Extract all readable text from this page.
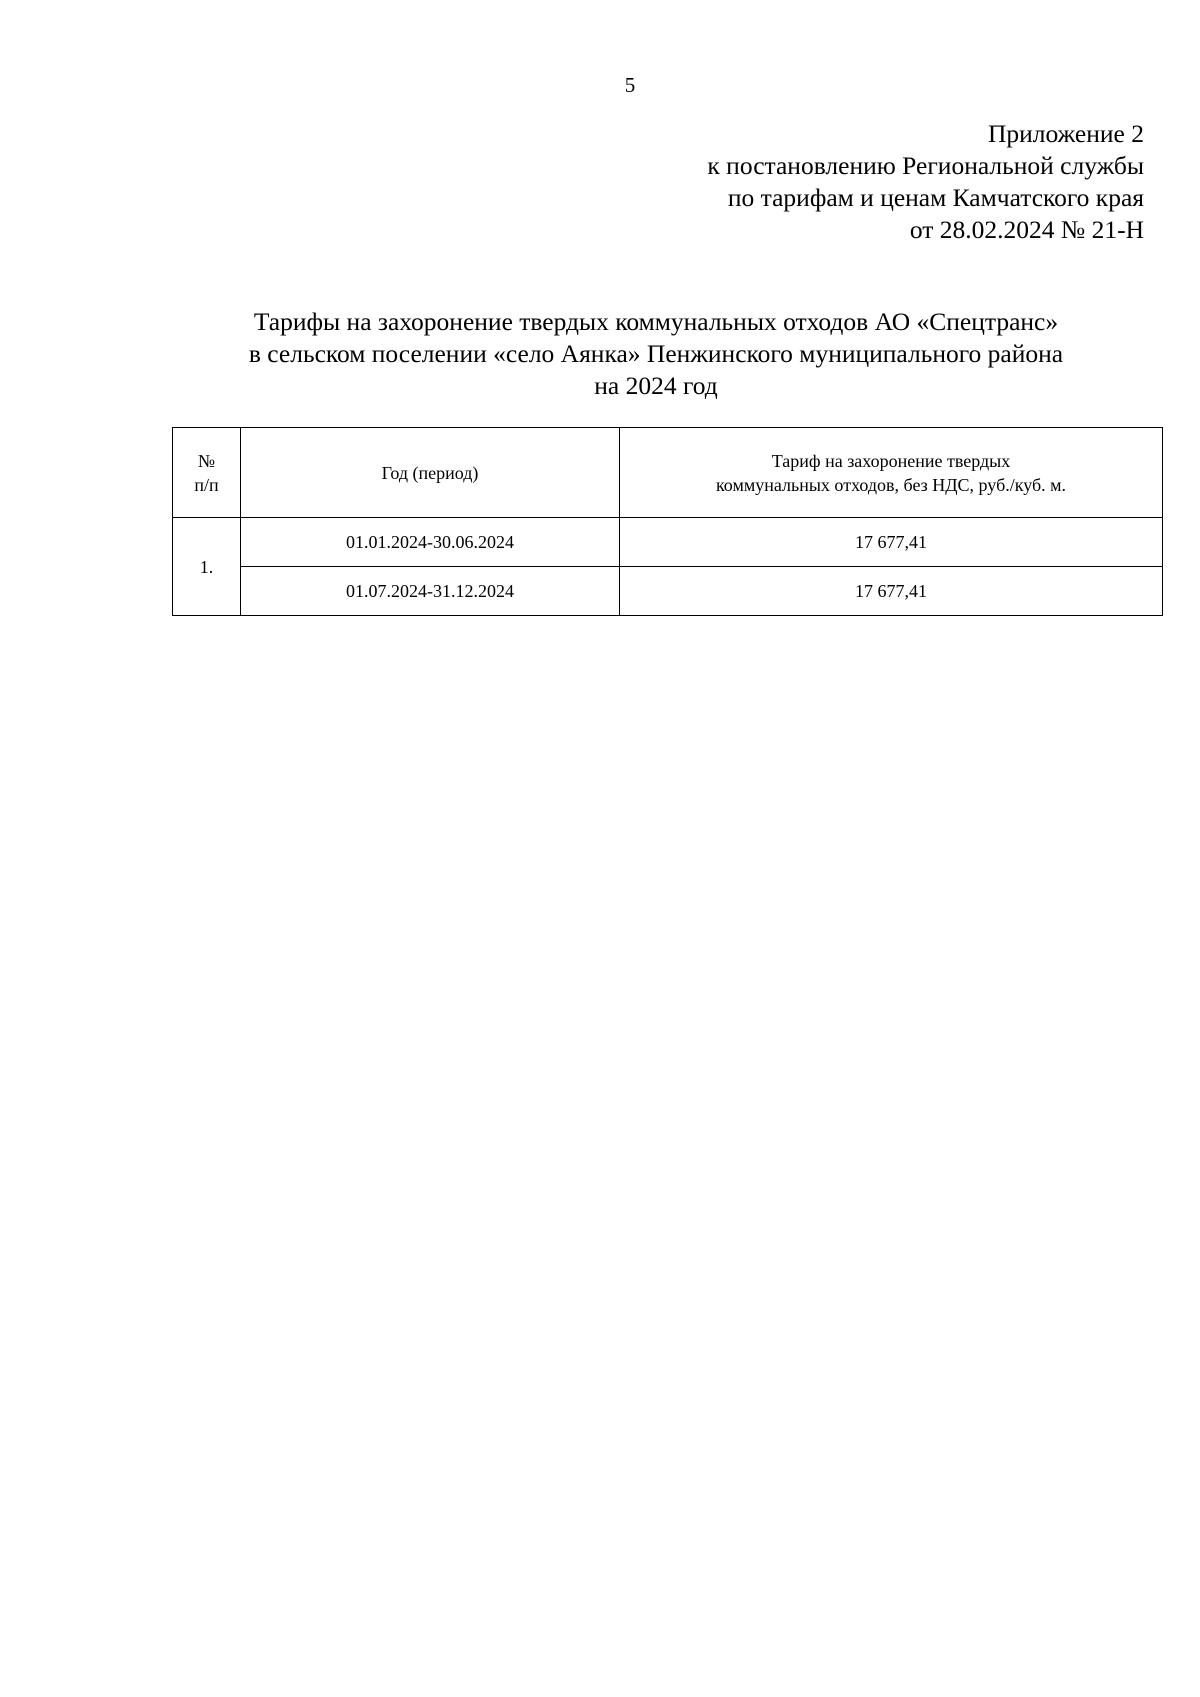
5
Приложение 2
к постановлению Региональной службы
по тарифам и ценам Камчатского края
от 28.02.2024 № 21-Н
Тарифы на захоронение твердых коммунальных отходов АО «Спецтранс»
в сельском поселении «село Аянка» Пенжинского муниципального района
на 2024 год
№
п/п	Год (период)	Тариф на захоронение твердых
коммунальных отходов, без НДС, руб./куб. м.

1.	01.01.2024-30.06.2024	17 677,41
	01.07.2024-31.12.2024	17 677,41
